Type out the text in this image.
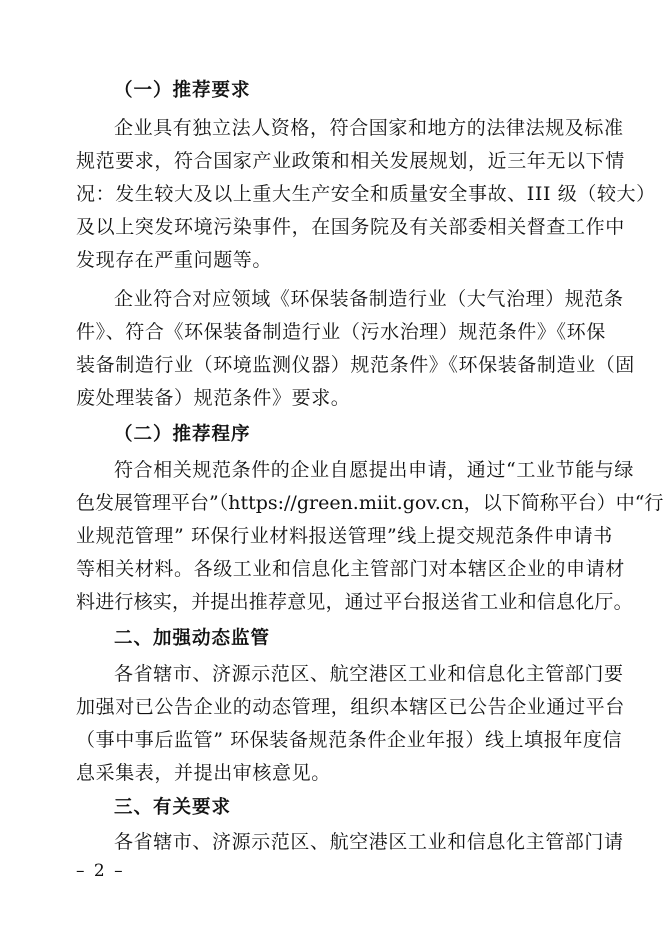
（一）推荐要求
企业具有独立法人资格，符合国家和地方的法律法规及标准
规范要求，符合国家产业政策和相关发展规划，近三年无以下情
况：发生较大及以上重大生产安全和质量安全事故、III 级（较大）
及以上突发环境污染事件，在国务院及有关部委相关督查工作中
发现存在严重问题等。
企业符合对应领域《环保装备制造行业（大气治理）规范条
件》、符合《环保装备制造行业（污水治理）规范条件》《环保
装备制造行业（环境监测仪器）规范条件》《环保装备制造业（固
废处理装备）规范条件》要求。
（二）推荐程序
符合相关规范条件的企业自愿提出申请，通过“工业节能与绿
色发展管理平台”（https://green.miit.gov.cn，以下简称平台）中“行
业规范管理” 环保行业材料报送管理”线上提交规范条件申请书
等相关材料。各级工业和信息化主管部门对本辖区企业的申请材
料进行核实，并提出推荐意见，通过平台报送省工业和信息化厅。
二、加强动态监管
各省辖市、济源示范区、航空港区工业和信息化主管部门要
加强对已公告企业的动态管理，组织本辖区已公告企业通过平台
（事中事后监管” 环保装备规范条件企业年报）线上填报年度信
息采集表，并提出审核意见。
三、有关要求
各省辖市、济源示范区、航空港区工业和信息化主管部门请
– 2 –
